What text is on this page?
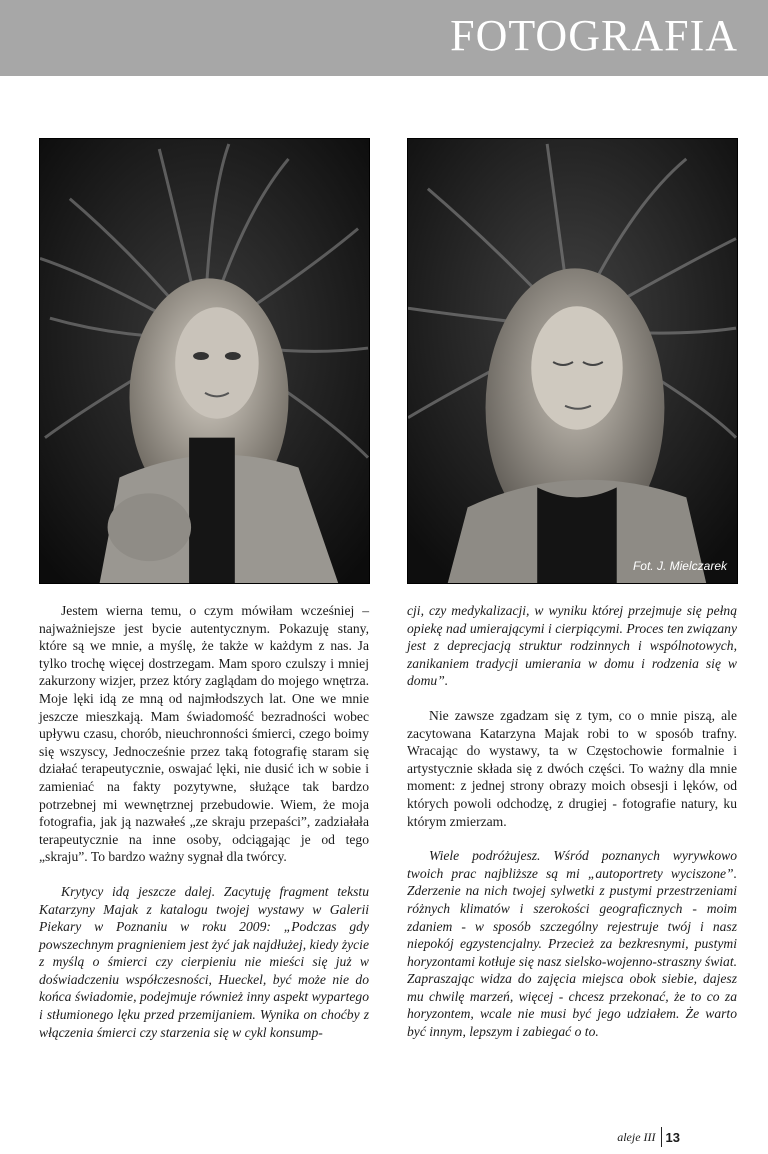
FOTOGRAFIA
Fot. J. Mielczarek

Jestem wierna temu, o czym mówiłam wcześniej – najważniejsze jest bycie autentycznym. Pokazuję stany, które są we mnie, a myślę, że także w każdym z nas. Ja tylko trochę więcej dostrzegam. Mam sporo czulszy i mniej zakurzony wizjer, przez który zaglądam do mojego wnętrza. Moje lęki idą ze mną od najmłodszych lat. One we mnie jeszcze mieszkają. Mam świadomość bezradności wobec upływu czasu, chorób, nieuchronności śmierci, czego boimy się wszyscy, Jednocześnie przez taką fotografię staram się działać terapeutycznie, oswajać lęki, nie dusić ich w sobie i zamieniać na fakty pozytywne, służące tak bardzo potrzebnej mi wewnętrznej przebudowie. Wiem, że moja fotografia, jak ją nazwałeś „ze skraju przepaści”, zadziałała terapeutycznie na inne osoby, odciągając je od tego „skraju”. To bardzo ważny sygnał dla twórcy.

Krytycy idą jeszcze dalej. Zacytuję fragment tekstu Katarzyny Majak z katalogu twojej wystawy w Galerii Piekary w Poznaniu w roku 2009: „Podczas gdy powszechnym pragnieniem jest żyć jak najdłużej, kiedy życie z myślą o śmierci czy cierpieniu nie mieści się już w doświadczeniu współczesności, Hueckel, być może nie do końca świadomie, podejmuje również inny aspekt wypartego i stłumionego lęku przed przemijaniem. Wynika on choćby z włączenia śmierci czy starzenia się w cykl konsump-

cji, czy medykalizacji, w wyniku której przejmuje się pełną opiekę nad umierającymi i cierpiącymi. Proces ten związany jest z deprecjacją struktur rodzinnych i wspólnotowych, zanikaniem tradycji umierania w domu i rodzenia się w domu”.

Nie zawsze zgadzam się z tym, co o mnie piszą, ale zacytowana Katarzyna Majak robi to w sposób trafny. Wracając do wystawy, ta w Częstochowie formalnie i artystycznie składa się z dwóch części. To ważny dla mnie moment: z jednej strony obrazy moich obsesji i lęków, od których powoli odchodzę, z drugiej - fotografie natury, ku którym zmierzam.

Wiele podróżujesz. Wśród poznanych wyrywkowo twoich prac najbliższe są mi „autoportrety wyciszone”. Zderzenie na nich twojej sylwetki z pustymi przestrzeniami różnych klimatów i szerokości geograficznych - moim zdaniem - w sposób szczególny rejestruje twój i nasz niepokój egzystencjalny. Przecież za bezkresnymi, pustymi horyzontami kotłuje się nasz sielsko-wojenno-straszny świat. Zapraszając widza do zajęcia miejsca obok siebie, dajesz mu chwilę marzeń, więcej - chcesz przekonać, że to co za horyzontem, wcale nie musi być jego udziałem. Że warto być innym, lepszym i zabiegać o to.

aleje III 13
